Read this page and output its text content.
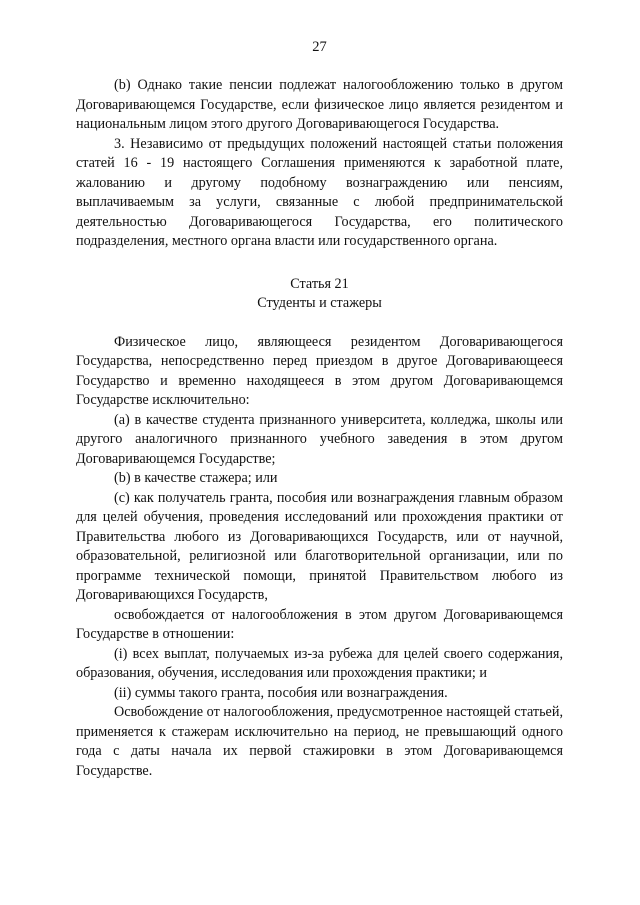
27

(b) Однако такие пенсии подлежат налогообложению только в другом Договаривающемся Государстве, если физическое лицо является резидентом и национальным лицом этого другого Договаривающегося Государства.

3. Независимо от предыдущих положений настоящей статьи положения статей 16 - 19 настоящего Соглашения применяются к заработной плате, жалованию и другому подобному вознаграждению или пенсиям, выплачиваемым за услуги, связанные с любой предпринимательской деятельностью Договаривающегося Государства, его политического подразделения, местного органа власти или государственного органа.

Статья 21

Студенты и стажеры

Физическое лицо, являющееся резидентом Договаривающегося Государства, непосредственно перед приездом в другое Договаривающееся Государство и временно находящееся в этом другом Договаривающемся Государстве исключительно:

(a) в качестве студента признанного университета, колледжа, школы или другого аналогичного признанного учебного заведения в этом другом Договаривающемся Государстве;

(b) в качестве стажера; или

(c) как получатель гранта, пособия или вознаграждения главным образом для целей обучения, проведения исследований или прохождения практики от Правительства любого из Договаривающихся Государств, или от научной, образовательной, религиозной или благотворительной организации, или по программе технической помощи, принятой Правительством любого из Договаривающихся Государств,

освобождается от налогообложения в этом другом Договаривающемся Государстве в отношении:

(i) всех выплат, получаемых из-за рубежа для целей своего содержания, образования, обучения, исследования или прохождения практики; и

(ii) суммы такого гранта, пособия или вознаграждения.

Освобождение от налогообложения, предусмотренное настоящей статьей, применяется к стажерам исключительно на период, не превышающий одного года с даты начала их первой стажировки в этом Договаривающемся Государстве.
